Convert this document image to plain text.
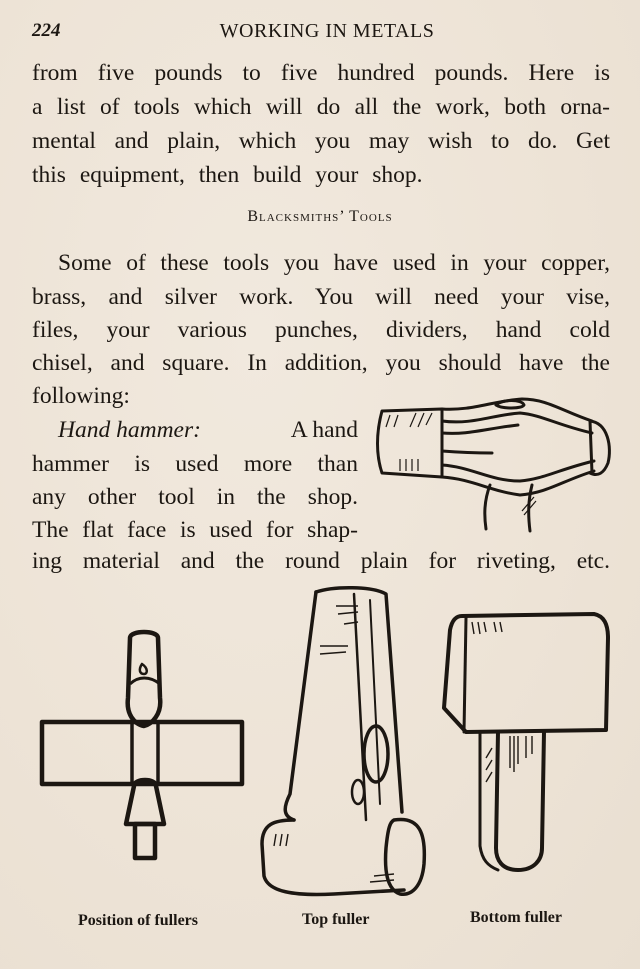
224	WORKING IN METALS
from five pounds to five hundred pounds. Here is
a list of tools which will do all the work, both orna-
mental and plain, which you may wish to do. Get
this equipment, then build your shop.
Blacksmiths’ Tools
Some of these tools you have used in your copper,
brass, and silver work. You will need your vise,
files, your various punches, dividers, hand cold
chisel, and square. In addition, you should have the
following:
Hand hammer:	A hand
hammer is used more than
any other tool in the shop.
The flat face is used for shap-
ing material and the round plain for riveting, etc.
Position of fullers	Top fuller	Bottom fuller
